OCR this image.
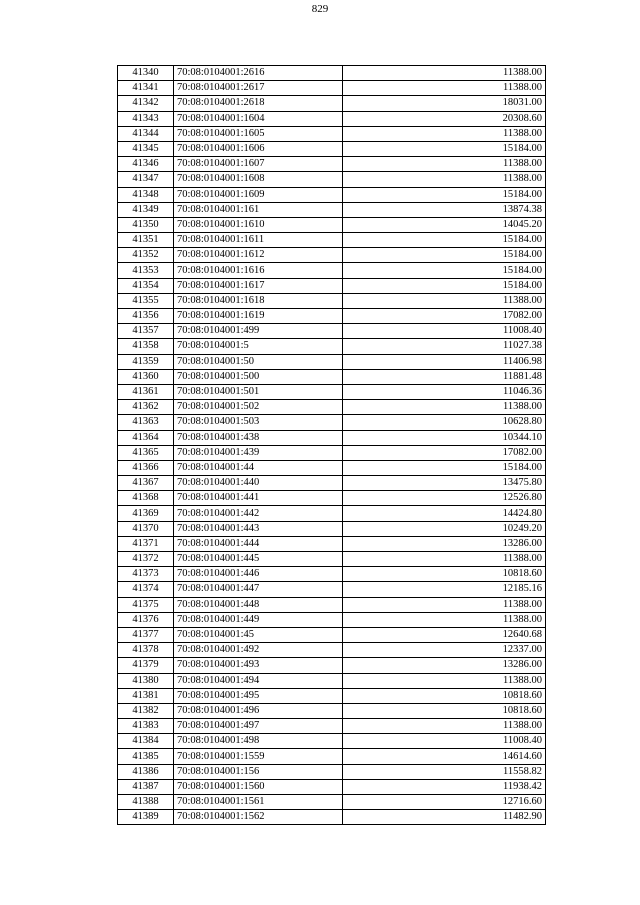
829
41340	70:08:0104001:2616	11388.00
41341	70:08:0104001:2617	11388.00
41342	70:08:0104001:2618	18031.00
41343	70:08:0104001:1604	20308.60
41344	70:08:0104001:1605	11388.00
41345	70:08:0104001:1606	15184.00
41346	70:08:0104001:1607	11388.00
41347	70:08:0104001:1608	11388.00
41348	70:08:0104001:1609	15184.00
41349	70:08:0104001:161	13874.38
41350	70:08:0104001:1610	14045.20
41351	70:08:0104001:1611	15184.00
41352	70:08:0104001:1612	15184.00
41353	70:08:0104001:1616	15184.00
41354	70:08:0104001:1617	15184.00
41355	70:08:0104001:1618	11388.00
41356	70:08:0104001:1619	17082.00
41357	70:08:0104001:499	11008.40
41358	70:08:0104001:5	11027.38
41359	70:08:0104001:50	11406.98
41360	70:08:0104001:500	11881.48
41361	70:08:0104001:501	11046.36
41362	70:08:0104001:502	11388.00
41363	70:08:0104001:503	10628.80
41364	70:08:0104001:438	10344.10
41365	70:08:0104001:439	17082.00
41366	70:08:0104001:44	15184.00
41367	70:08:0104001:440	13475.80
41368	70:08:0104001:441	12526.80
41369	70:08:0104001:442	14424.80
41370	70:08:0104001:443	10249.20
41371	70:08:0104001:444	13286.00
41372	70:08:0104001:445	11388.00
41373	70:08:0104001:446	10818.60
41374	70:08:0104001:447	12185.16
41375	70:08:0104001:448	11388.00
41376	70:08:0104001:449	11388.00
41377	70:08:0104001:45	12640.68
41378	70:08:0104001:492	12337.00
41379	70:08:0104001:493	13286.00
41380	70:08:0104001:494	11388.00
41381	70:08:0104001:495	10818.60
41382	70:08:0104001:496	10818.60
41383	70:08:0104001:497	11388.00
41384	70:08:0104001:498	11008.40
41385	70:08:0104001:1559	14614.60
41386	70:08:0104001:156	11558.82
41387	70:08:0104001:1560	11938.42
41388	70:08:0104001:1561	12716.60
41389	70:08:0104001:1562	11482.90
